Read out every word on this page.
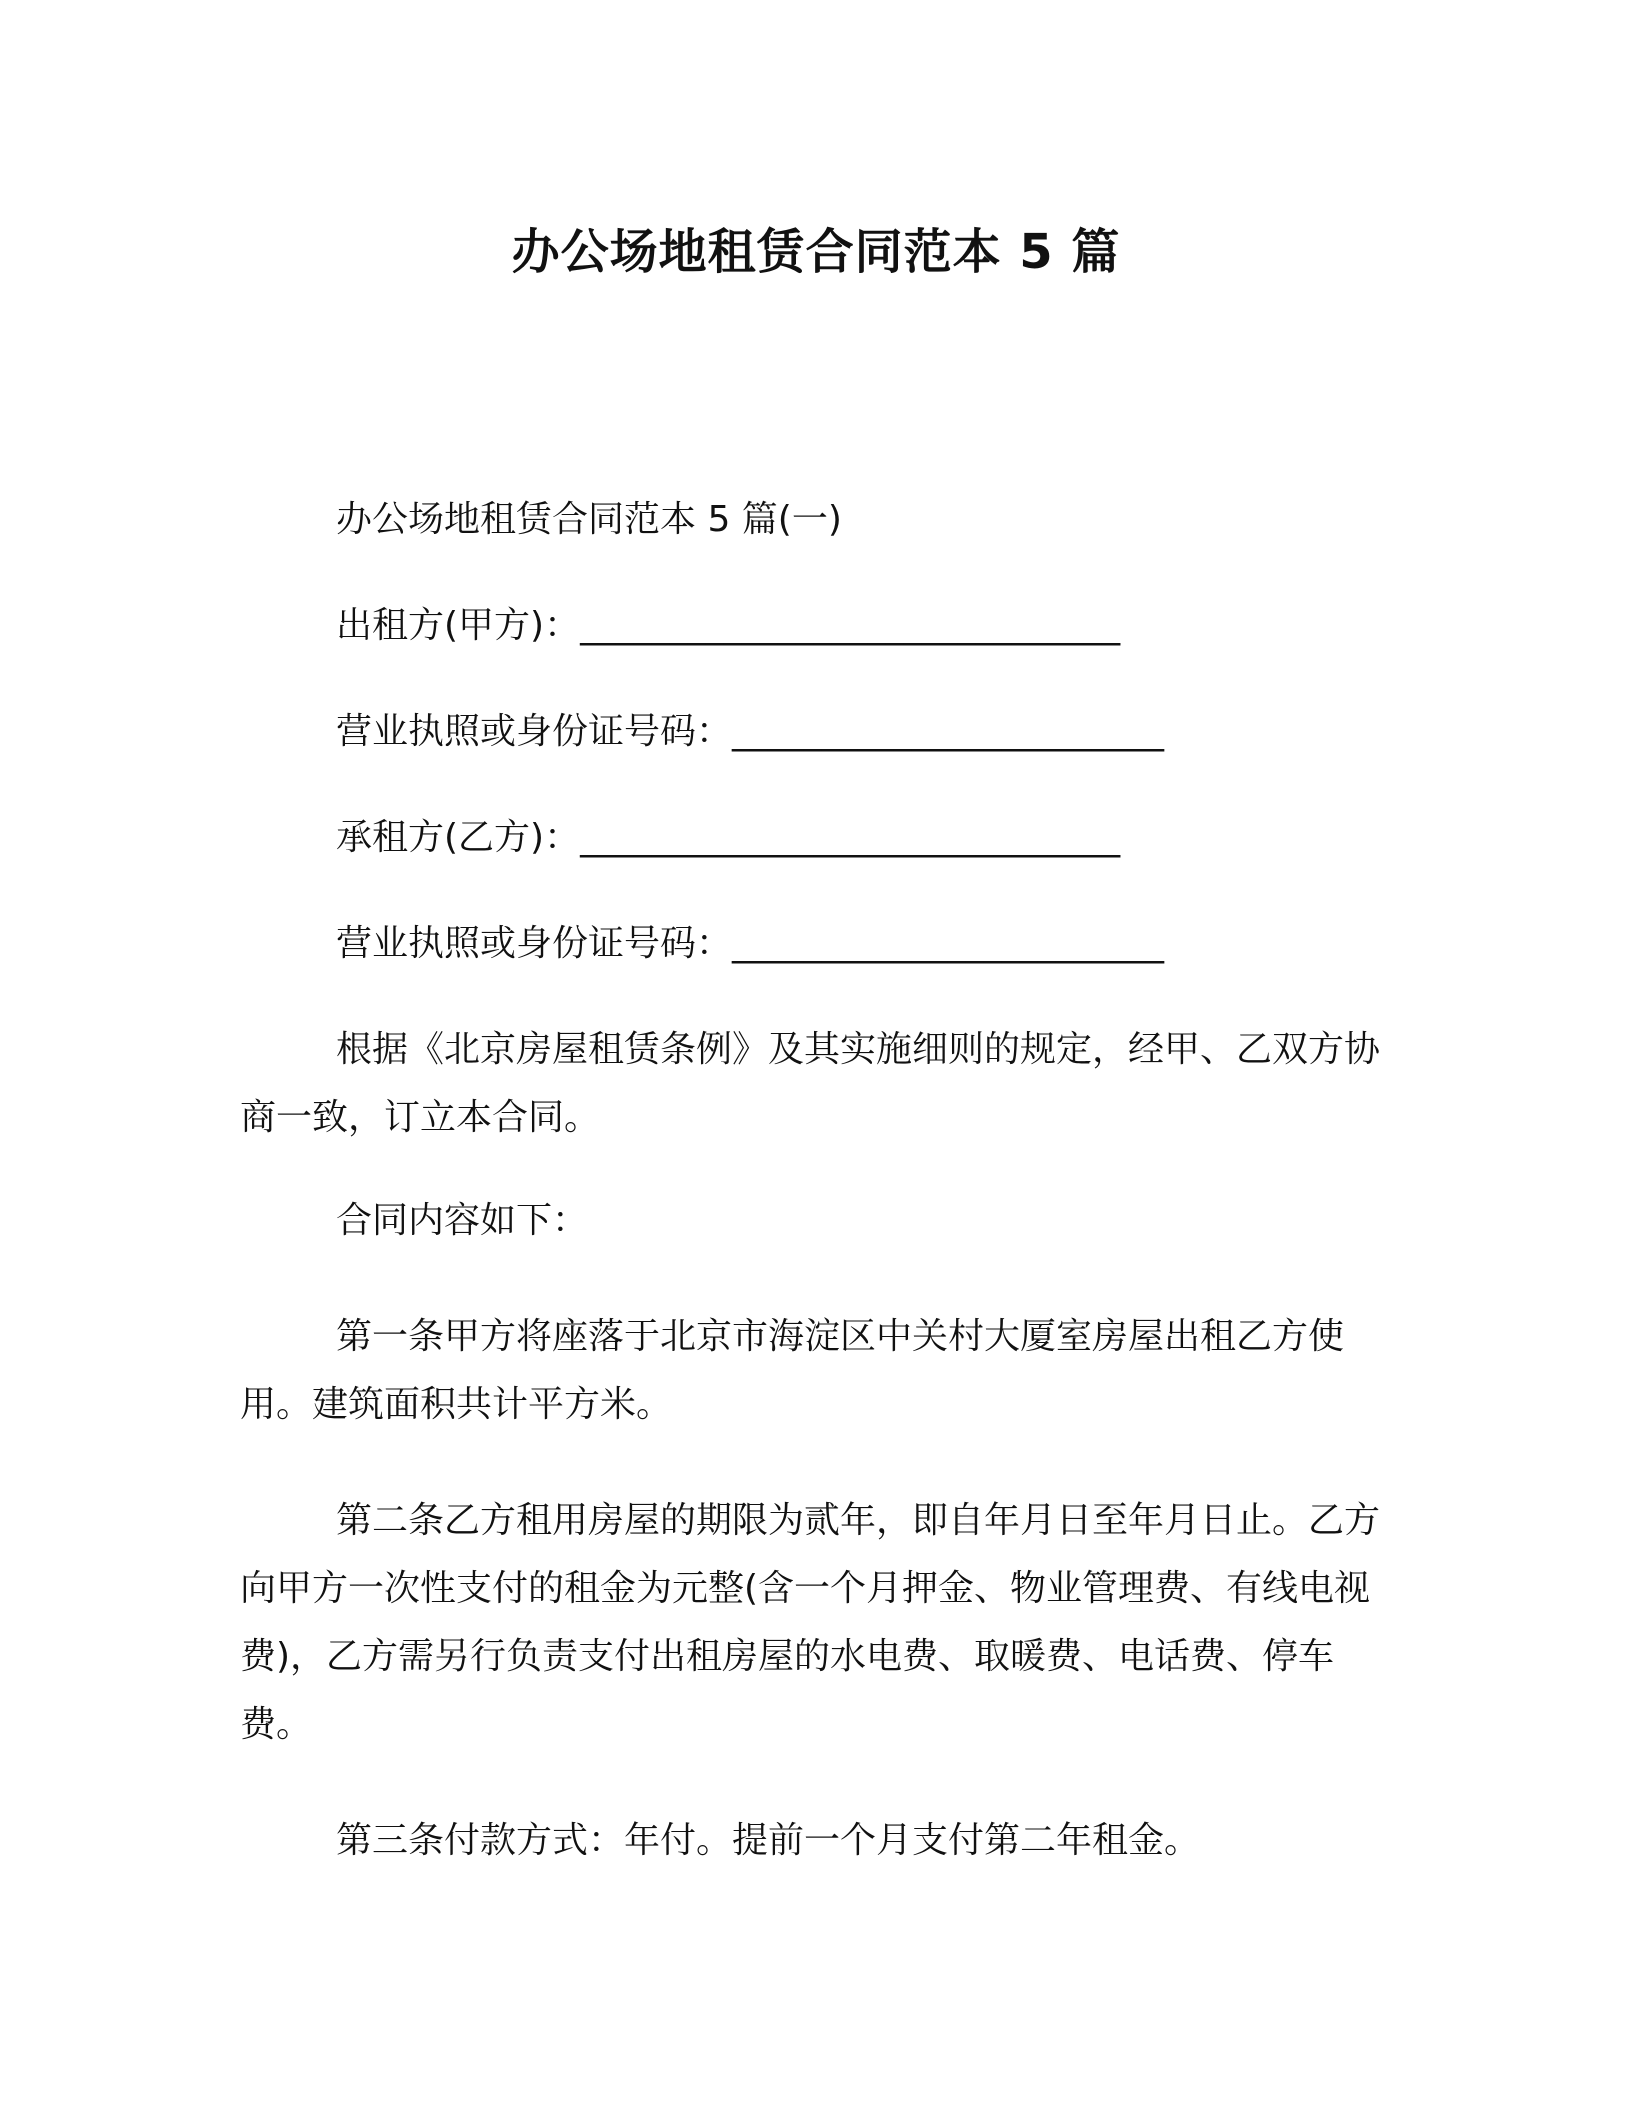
办公场地租赁合同范本 5 篇

办公场地租赁合同范本 5 篇(一)

出租方(甲方)：______________________________

营业执照或身份证号码：________________________

承租方(乙方)：______________________________

营业执照或身份证号码：________________________

根据《北京房屋租赁条例》及其实施细则的规定，经甲、乙双方协商一致，订立本合同。

合同内容如下：

第一条甲方将座落于北京市海淀区中关村大厦室房屋出租乙方使用。建筑面积共计平方米。

第二条乙方租用房屋的期限为贰年，即自年月日至年月日止。乙方向甲方一次性支付的租金为元整(含一个月押金、物业管理费、有线电视费)，乙方需另行负责支付出租房屋的水电费、取暖费、电话费、停车费。

第三条付款方式：年付。提前一个月支付第二年租金。
